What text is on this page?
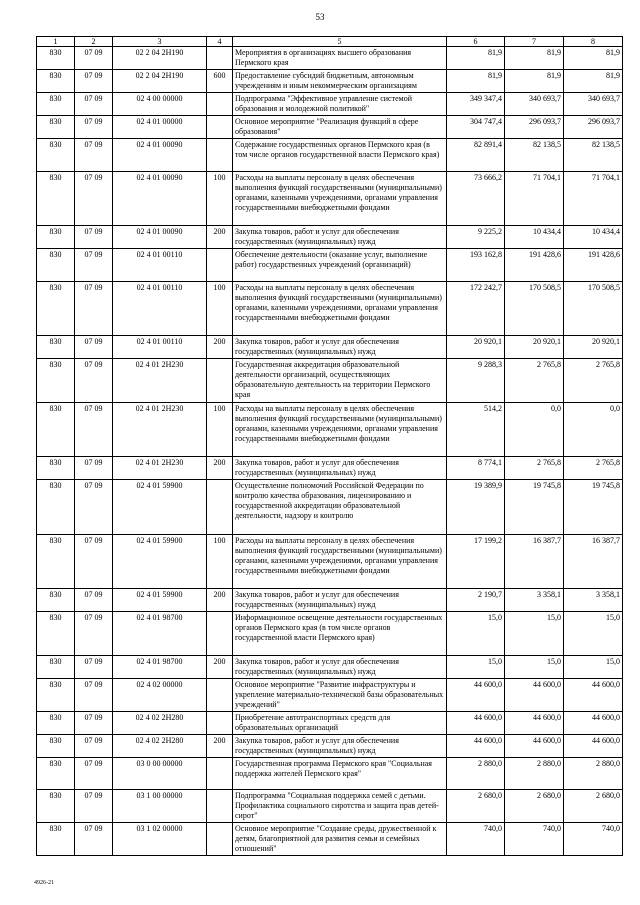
53
1	2	3	4	5	6	7	8
830	07 09	02 2 04 2Н190		Мероприятия в организациях высшего образования Пермского края	81,9	81,9	81,9
830	07 09	02 2 04 2Н190	600	Предоставление субсидий бюджетным, автономным учреждениям и иным некоммерческим организациям	81,9	81,9	81,9
830	07 09	02 4 00 00000		Подпрограмма "Эффективное управление системой образования и молодежной политикой"	349 347,4	340 693,7	340 693,7
830	07 09	02 4 01 00000		Основное мероприятие "Реализация функций в сфере образования"	304 747,4	296 093,7	296 093,7
830	07 09	02 4 01 00090		Содержание государственных органов Пермского края (в том числе органов государственной власти Пермского края)	82 891,4	82 138,5	82 138,5
830	07 09	02 4 01 00090	100	Расходы на выплаты персоналу в целях обеспечения выполнения функций государственными (муниципальными) органами, казенными учреждениями, органами управления государственными внебюджетными фондами	73 666,2	71 704,1	71 704,1
830	07 09	02 4 01 00090	200	Закупка товаров, работ и услуг для обеспечения государственных (муниципальных) нужд	9 225,2	10 434,4	10 434,4
830	07 09	02 4 01 00110		Обеспечение деятельности (оказание услуг, выполнение работ) государственных учреждений (организаций)	193 162,8	191 428,6	191 428,6
830	07 09	02 4 01 00110	100	Расходы на выплаты персоналу в целях обеспечения выполнения функций государственными (муниципальными) органами, казенными учреждениями, органами управления государственными внебюджетными фондами	172 242,7	170 508,5	170 508,5
830	07 09	02 4 01 00110	200	Закупка товаров, работ и услуг для обеспечения государственных (муниципальных) нужд	20 920,1	20 920,1	20 920,1
830	07 09	02 4 01 2Н230		Государственная аккредитация образовательной деятельности организаций, осуществляющих образовательную деятельность на территории Пермского края	9 288,3	2 765,8	2 765,8
830	07 09	02 4 01 2Н230	100	Расходы на выплаты персоналу в целях обеспечения выполнения функций государственными (муниципальными) органами, казенными учреждениями, органами управления государственными внебюджетными фондами	514,2	0,0	0,0
830	07 09	02 4 01 2Н230	200	Закупка товаров, работ и услуг для обеспечения государственных (муниципальных) нужд	8 774,1	2 765,8	2 765,8
830	07 09	02 4 01 59900		Осуществление полномочий Российской Федерации по контролю качества образования, лицензированию и государственной аккредитации образовательной деятельности, надзору и контролю	19 389,9	19 745,8	19 745,8
830	07 09	02 4 01 59900	100	Расходы на выплаты персоналу в целях обеспечения выполнения функций государственными (муниципальными) органами, казенными учреждениями, органами управления государственными внебюджетными фондами	17 199,2	16 387,7	16 387,7
830	07 09	02 4 01 59900	200	Закупка товаров, работ и услуг для обеспечения государственных (муниципальных) нужд	2 190,7	3 358,1	3 358,1
830	07 09	02 4 01 98700		Информационное освещение деятельности государственных органов Пермского края (в том числе органов государственной власти Пермского края)	15,0	15,0	15,0
830	07 09	02 4 01 98700	200	Закупка товаров, работ и услуг для обеспечения государственных (муниципальных) нужд	15,0	15,0	15,0
830	07 09	02 4 02 00000		Основное мероприятие "Развитие инфраструктуры и укрепление материально-технической базы образовательных учреждений"	44 600,0	44 600,0	44 600,0
830	07 09	02 4 02 2Н280		Приобретение автотранспортных средств для образовательных организаций	44 600,0	44 600,0	44 600,0
830	07 09	02 4 02 2Н280	200	Закупка товаров, работ и услуг для обеспечения государственных (муниципальных) нужд	44 600,0	44 600,0	44 600,0
830	07 09	03 0 00 00000		Государственная программа Пермского края "Социальная поддержка жителей Пермского края"	2 880,0	2 880,0	2 880,0
830	07 09	03 1 00 00000		Подпрограмма "Социальная поддержка семей с детьми. Профилактика социального сиротства и защита прав детей-сирот"	2 680,0	2 680,0	2 680,0
830	07 09	03 1 02 00000		Основное мероприятие "Создание среды, дружественной к детям, благоприятной для развития семьи и семейных отношений"	740,0	740,0	740,0
4926-21
